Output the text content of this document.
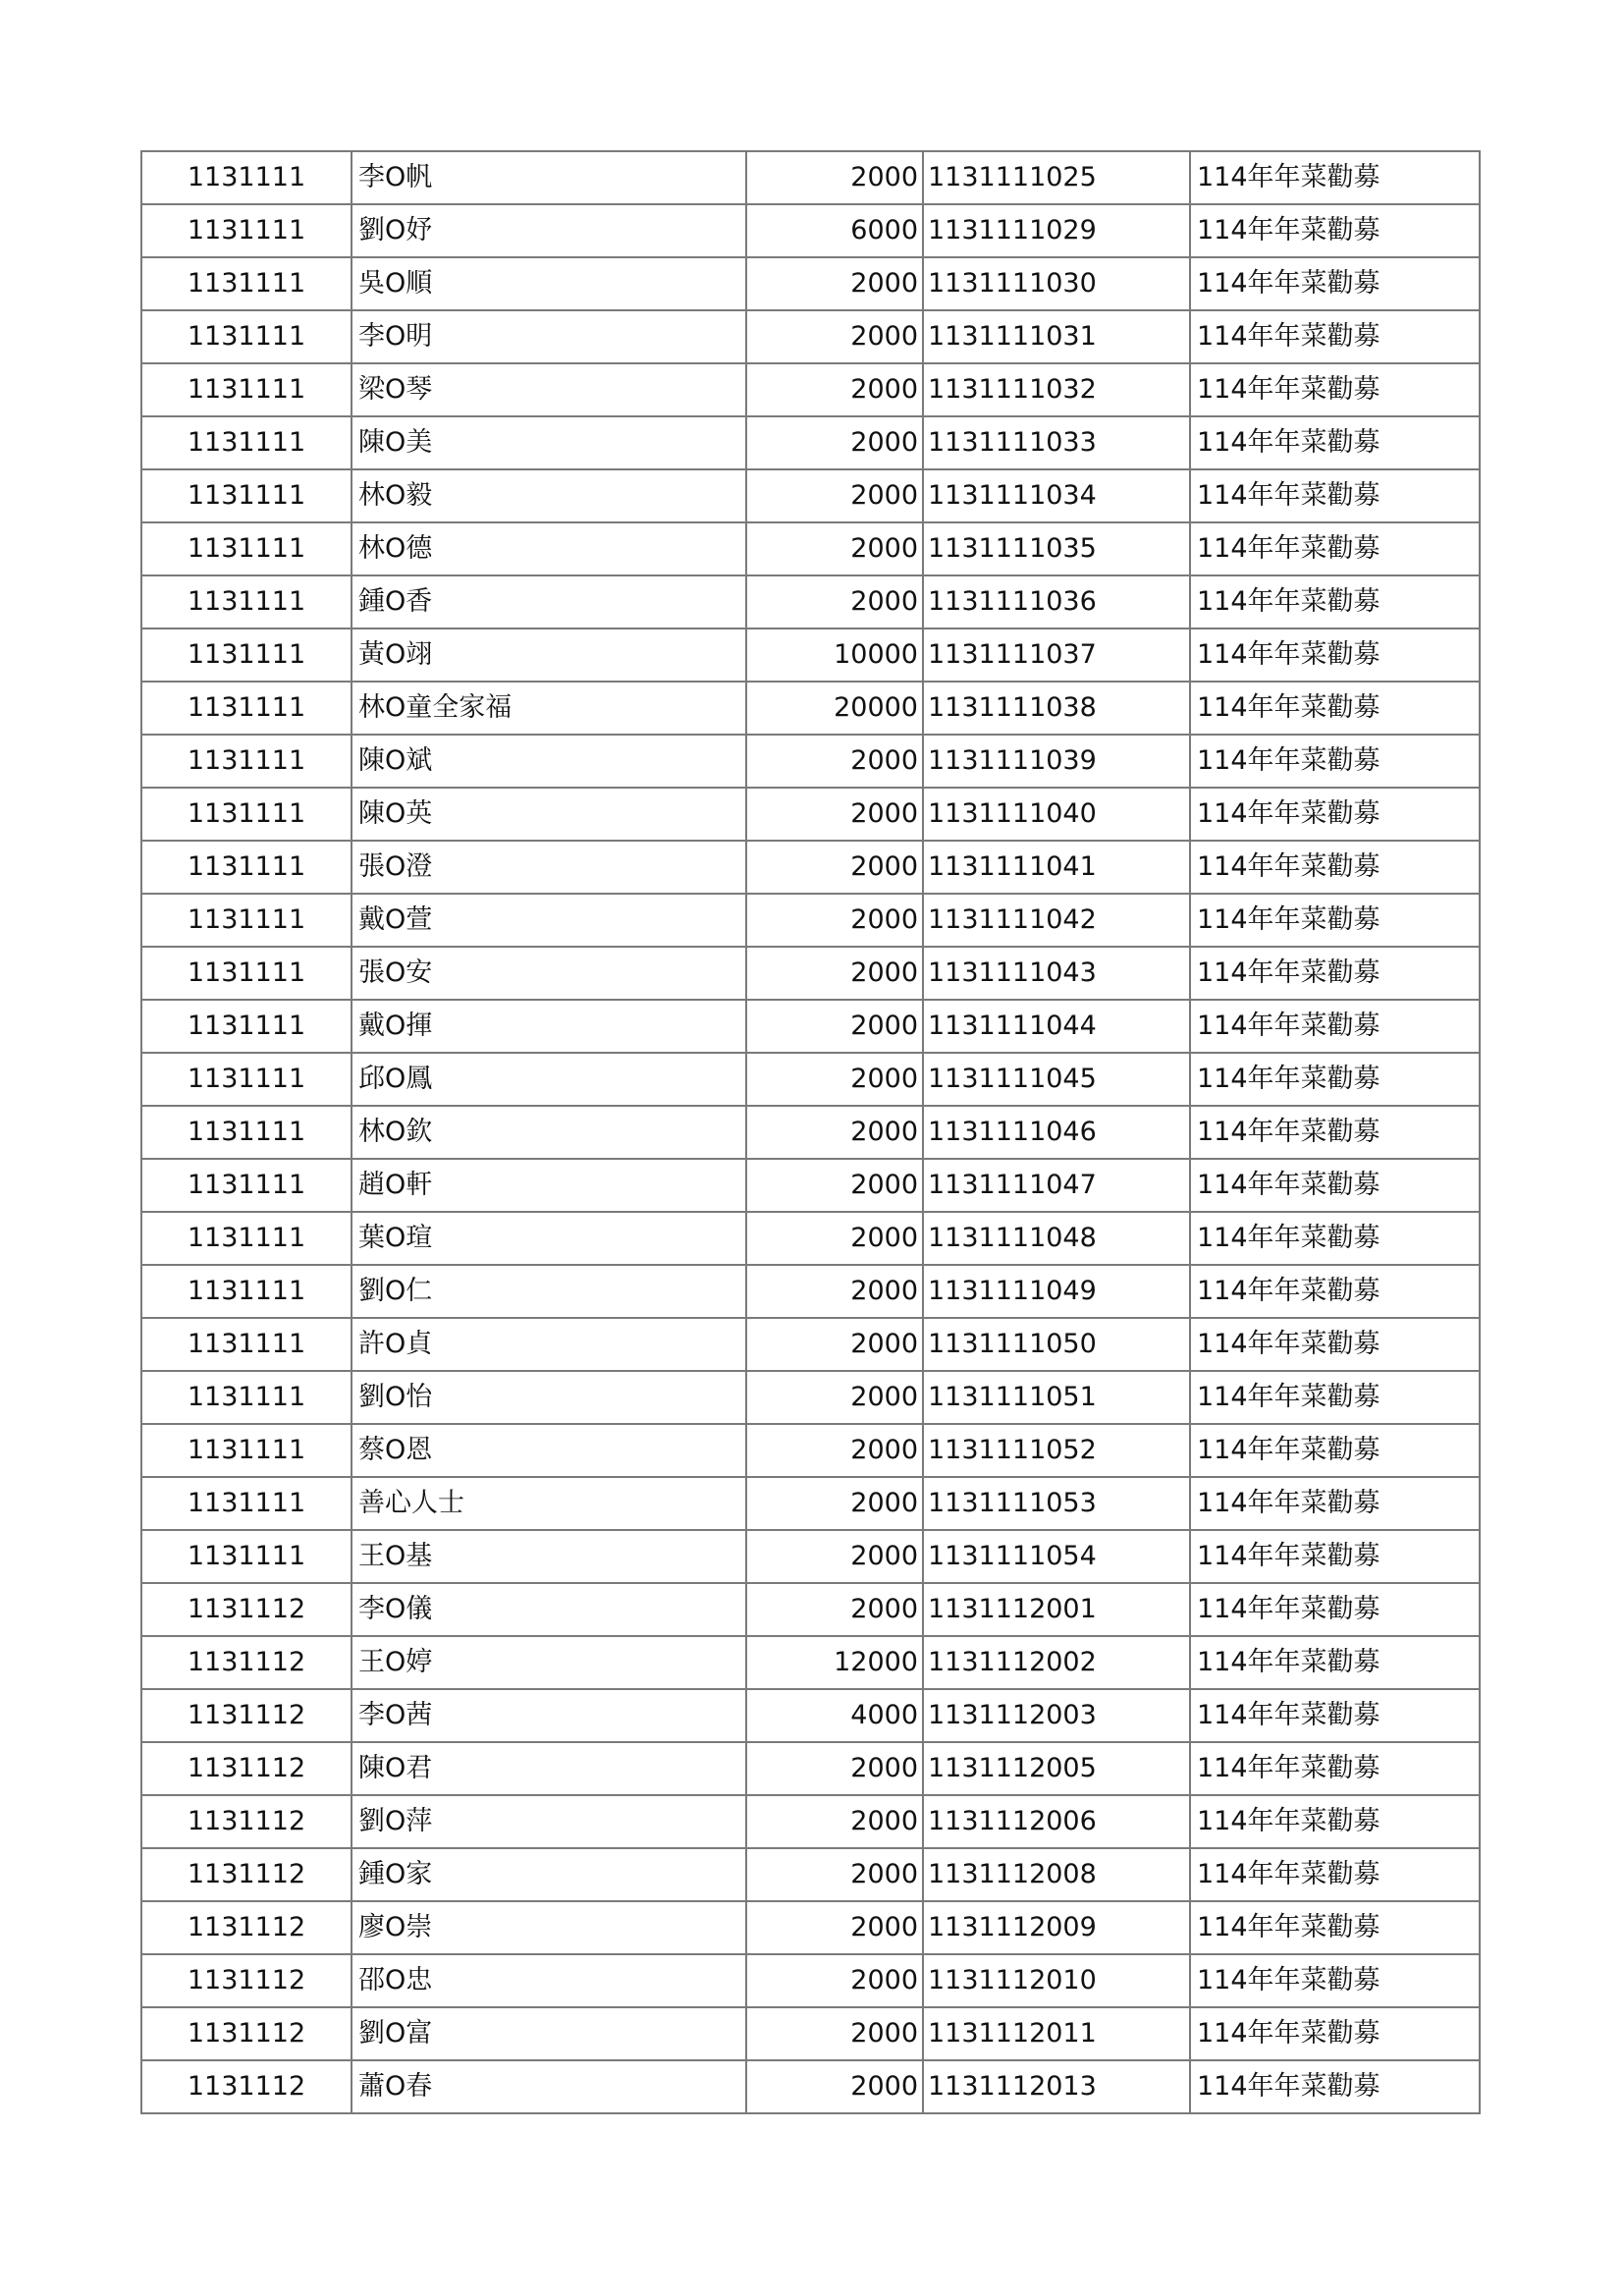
1131111	李O帆	2000	1131111025	114年年菜勸募
1131111	劉O妤	6000	1131111029	114年年菜勸募
1131111	吳O順	2000	1131111030	114年年菜勸募
1131111	李O明	2000	1131111031	114年年菜勸募
1131111	梁O琴	2000	1131111032	114年年菜勸募
1131111	陳O美	2000	1131111033	114年年菜勸募
1131111	林O毅	2000	1131111034	114年年菜勸募
1131111	林O德	2000	1131111035	114年年菜勸募
1131111	鍾O香	2000	1131111036	114年年菜勸募
1131111	黃O翊	10000	1131111037	114年年菜勸募
1131111	林O童全家福	20000	1131111038	114年年菜勸募
1131111	陳O斌	2000	1131111039	114年年菜勸募
1131111	陳O英	2000	1131111040	114年年菜勸募
1131111	張O澄	2000	1131111041	114年年菜勸募
1131111	戴O萱	2000	1131111042	114年年菜勸募
1131111	張O安	2000	1131111043	114年年菜勸募
1131111	戴O揮	2000	1131111044	114年年菜勸募
1131111	邱O鳳	2000	1131111045	114年年菜勸募
1131111	林O欽	2000	1131111046	114年年菜勸募
1131111	趙O軒	2000	1131111047	114年年菜勸募
1131111	葉O瑄	2000	1131111048	114年年菜勸募
1131111	劉O仁	2000	1131111049	114年年菜勸募
1131111	許O貞	2000	1131111050	114年年菜勸募
1131111	劉O怡	2000	1131111051	114年年菜勸募
1131111	蔡O恩	2000	1131111052	114年年菜勸募
1131111	善心人士	2000	1131111053	114年年菜勸募
1131111	王O基	2000	1131111054	114年年菜勸募
1131112	李O儀	2000	1131112001	114年年菜勸募
1131112	王O婷	12000	1131112002	114年年菜勸募
1131112	李O茜	4000	1131112003	114年年菜勸募
1131112	陳O君	2000	1131112005	114年年菜勸募
1131112	劉O萍	2000	1131112006	114年年菜勸募
1131112	鍾O家	2000	1131112008	114年年菜勸募
1131112	廖O崇	2000	1131112009	114年年菜勸募
1131112	邵O忠	2000	1131112010	114年年菜勸募
1131112	劉O富	2000	1131112011	114年年菜勸募
1131112	蕭O春	2000	1131112013	114年年菜勸募
